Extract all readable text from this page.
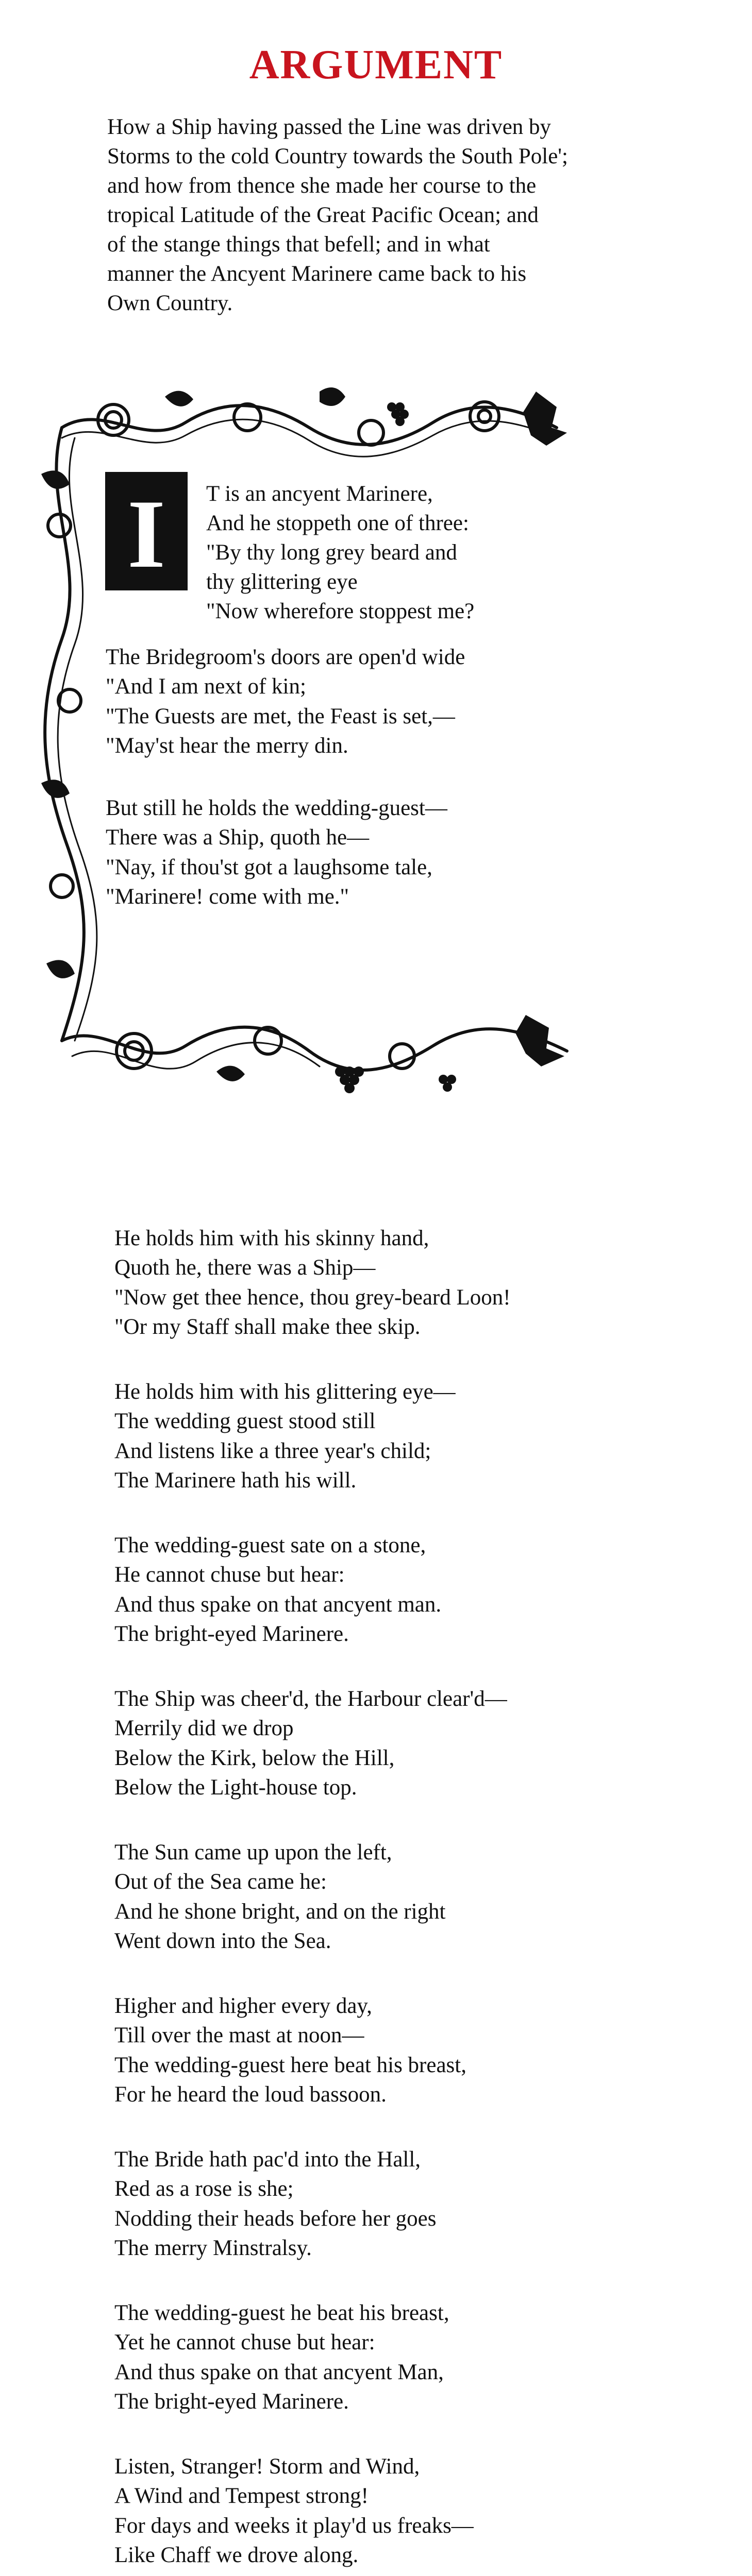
ARGUMENT
How a Ship having passed the Line was driven by
Storms to the cold Country towards the South Pole';
and how from thence she made her course to the
tropical Latitude of the Great Pacific Ocean; and
of the stange things that befell; and in what
manner the Ancyent Marinere came back to his
Own Country.
I	T is an ancyent Marinere,
And he stoppeth one of three:
"By thy long grey beard and
thy glittering eye
"Now wherefore stoppest me?
The Bridegroom's doors are open'd wide
"And I am next of kin;
"The Guests are met, the Feast is set,—
"May'st hear the merry din.
But still he holds the wedding-guest—
There was a Ship, quoth he—
"Nay, if thou'st got a laughsome tale,
"Marinere! come with me."
He holds him with his skinny hand,
Quoth he, there was a Ship—
"Now get thee hence, thou grey-beard Loon!
"Or my Staff shall make thee skip.
He holds him with his glittering eye—
The wedding guest stood still
And listens like a three year's child;
The Marinere hath his will.
The wedding-guest sate on a stone,
He cannot chuse but hear:
And thus spake on that ancyent man.
The bright-eyed Marinere.
The Ship was cheer'd, the Harbour clear'd—
Merrily did we drop
Below the Kirk, below the Hill,
Below the Light-house top.
The Sun came up upon the left,
Out of the Sea came he:
And he shone bright, and on the right
Went down into the Sea.
Higher and higher every day,
Till over the mast at noon—
The wedding-guest here beat his breast,
For he heard the loud bassoon.
The Bride hath pac'd into the Hall,
Red as a rose is she;
Nodding their heads before her goes
The merry Minstralsy.
The wedding-guest he beat his breast,
Yet he cannot chuse but hear:
And thus spake on that ancyent Man,
The bright-eyed Marinere.
Listen, Stranger! Storm and Wind,
A Wind and Tempest strong!
For days and weeks it play'd us freaks—
Like Chaff we drove along.
